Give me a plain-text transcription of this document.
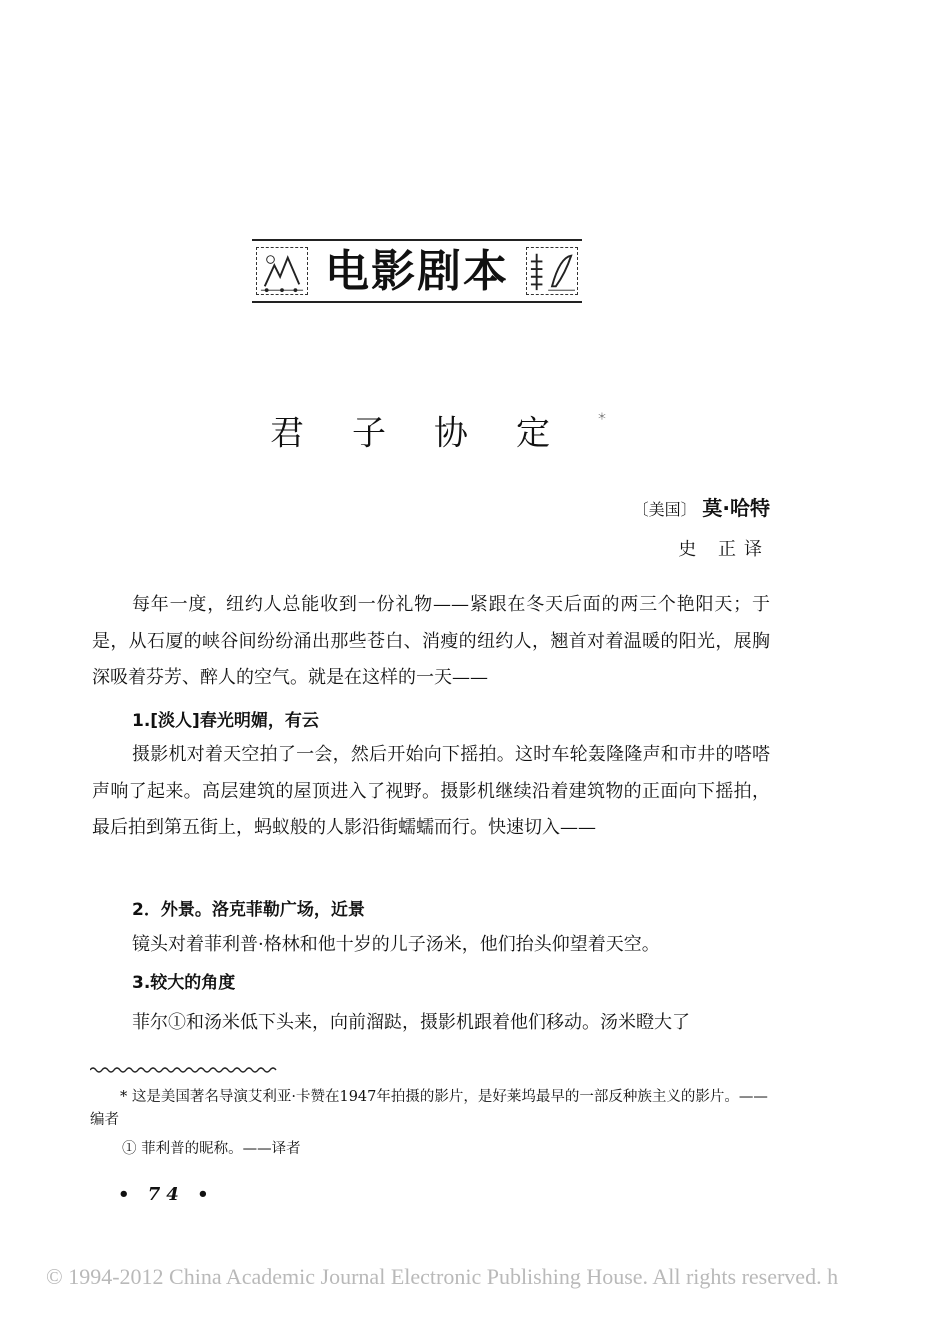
电影剧本
君子协定*
〔美国〕 莫·哈特
史 正译
每年一度，纽约人总能收到一份礼物——紧跟在冬天后面的两三个艳阳天；于是，从石厦的峡谷间纷纷涌出那些苍白、消瘦的纽约人，翘首对着温暖的阳光，展胸深吸着芬芳、醉人的空气。就是在这样的一天——
1.[淡人]春光明媚，有云
摄影机对着天空拍了一会，然后开始向下摇拍。这时车轮轰隆隆声和市井的嗒嗒声响了起来。高层建筑的屋顶进入了视野。摄影机继续沿着建筑物的正面向下摇拍，最后拍到第五街上，蚂蚁般的人影沿街蠕蠕而行。快速切入——
2．外景。洛克菲勒广场，近景
镜头对着菲利普·格林和他十岁的儿子汤米，他们抬头仰望着天空。
3.较大的角度
菲尔①和汤米低下头来，向前溜跶，摄影机跟着他们移动。汤米瞪大了
* 这是美国著名导演艾利亚·卡赞在1947年拍摄的影片，是好莱坞最早的一部反种族主义的影片。——编者
① 菲利普的昵称。——译者
• 74 •
© 1994-2012 China Academic Journal Electronic Publishing House. All rights reserved. h
